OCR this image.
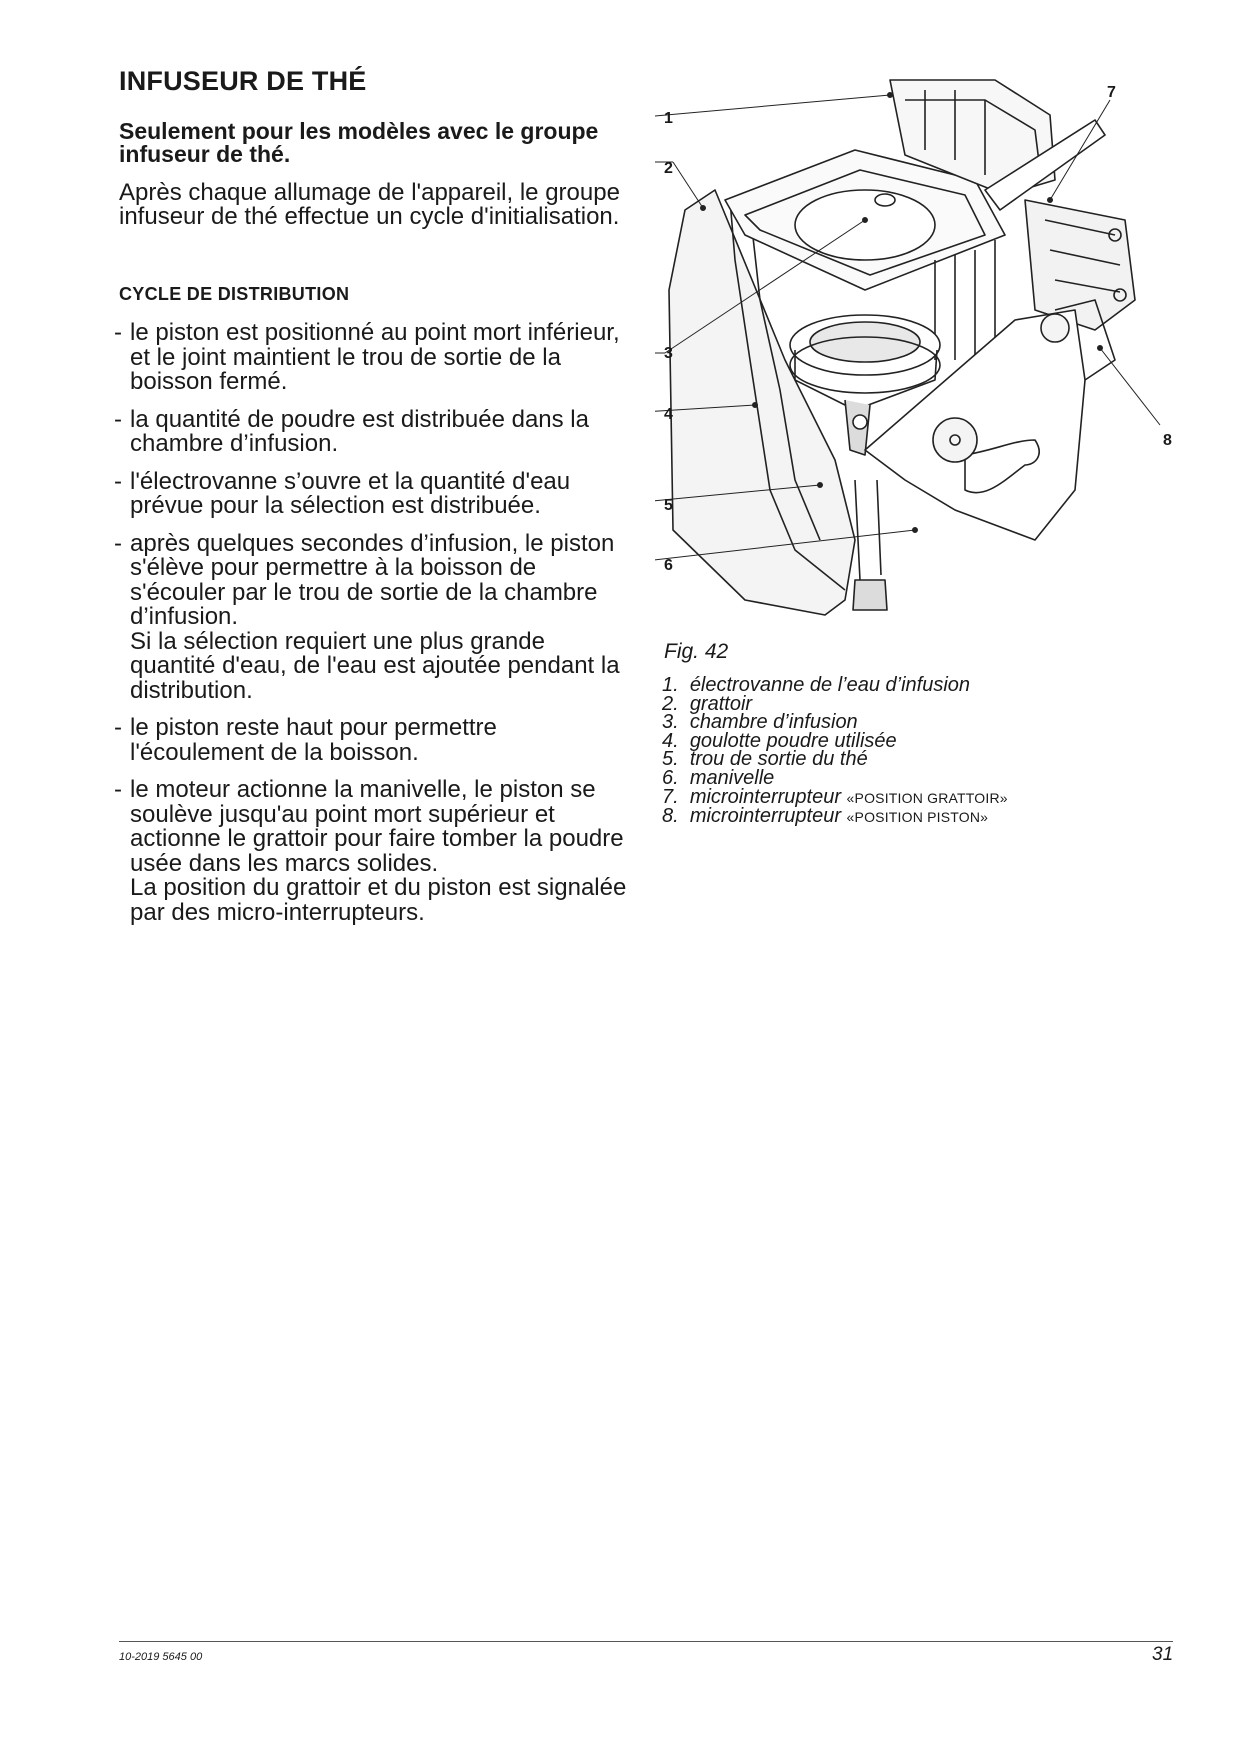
INFUSEUR DE THÉ
Seulement pour les modèles avec le groupe infuseur de thé.
Après chaque allumage de l'appareil, le groupe infuseur de thé effectue un cycle d'initialisation.
CYCLE DE DISTRIBUTION
- le piston est positionné au point mort inférieur, et le joint maintient le trou de sortie de la boisson fermé.
- la quantité de poudre est distribuée dans la chambre d’infusion.
- l'électrovanne s’ouvre et la quantité d'eau prévue pour la sélection est distribuée.
- après quelques secondes d’infusion, le piston s'élève pour permettre à la boisson de s'écouler par le trou de sortie de la chambre d’infusion.
Si la sélection requiert une plus grande quantité d'eau, de l'eau est ajoutée pendant la distribution.
- le piston reste haut pour permettre l'écoulement de la boisson.
- le moteur actionne la manivelle, le piston se soulève jusqu'au point mort supérieur et actionne le grattoir pour faire tomber la poudre usée dans les marcs solides.
La position du grattoir et du piston est signalée par des micro-interrupteurs.
1
2
3
4
5
6
7
8
Fig. 42
1. électrovanne de l’eau d’infusion
2. grattoir
3. chambre d’infusion
4. goulotte poudre utilisée
5. trou de sortie du thé
6. manivelle
7. microinterrupteur «POSITION GRATTOIR»
8. microinterrupteur «POSITION PISTON»
10-2019 5645 00	31
